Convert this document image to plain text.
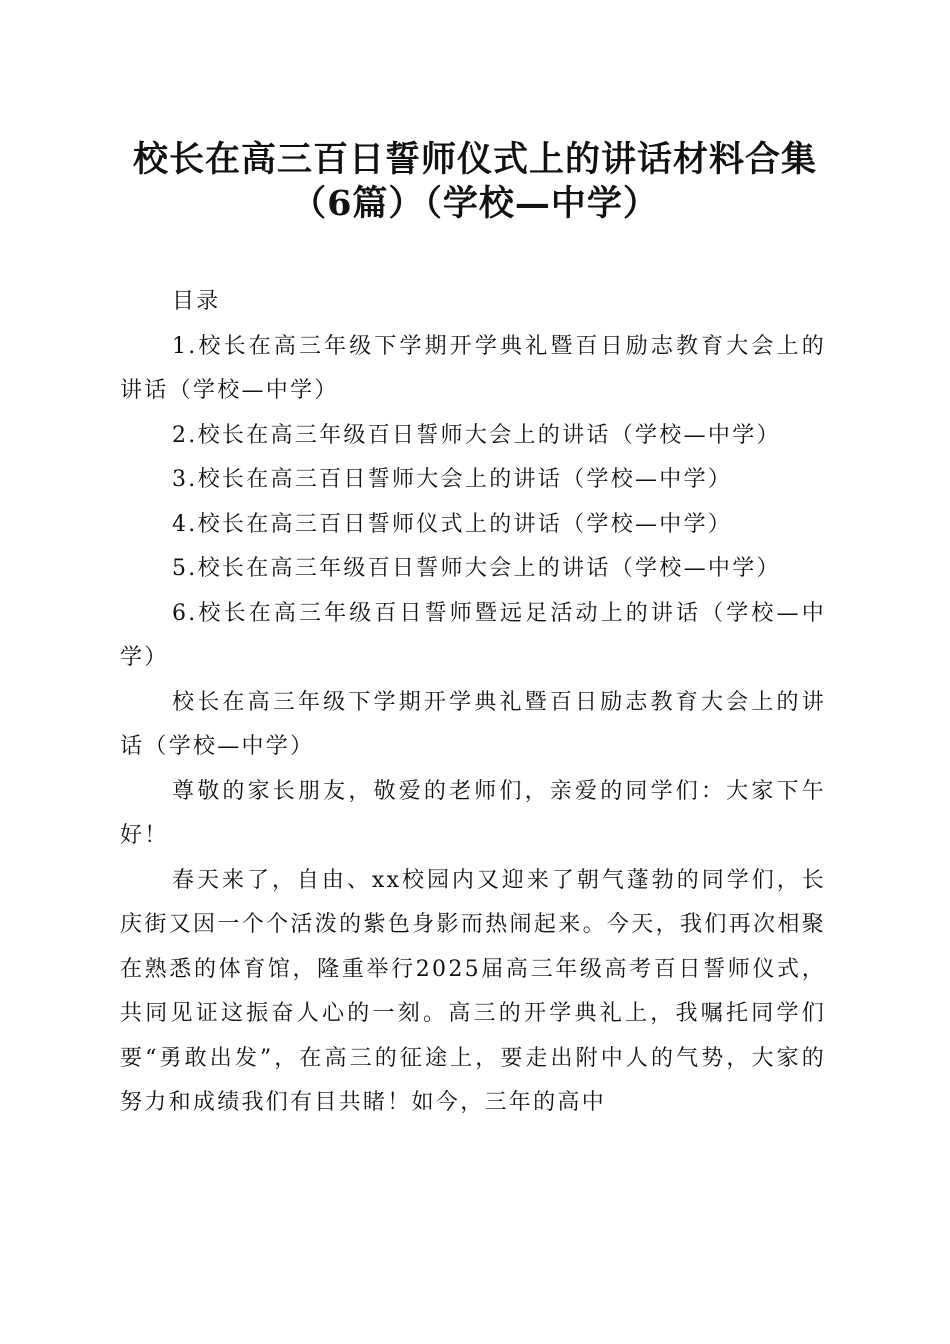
校长在高三百日誓师仪式上的讲话材料合集
（6篇）（学校—中学）

目录

1.校长在高三年级下学期开学典礼暨百日励志教育大会上的讲话（学校—中学）

2.校长在高三年级百日誓师大会上的讲话（学校—中学）

3.校长在高三百日誓师大会上的讲话（学校—中学）

4.校长在高三百日誓师仪式上的讲话（学校—中学）

5.校长在高三年级百日誓师大会上的讲话（学校—中学）

6.校长在高三年级百日誓师暨远足活动上的讲话（学校—中学）

校长在高三年级下学期开学典礼暨百日励志教育大会上的讲话（学校—中学）

尊敬的家长朋友，敬爱的老师们，亲爱的同学们：大家下午好！

春天来了，自由、xx校园内又迎来了朝气蓬勃的同学们，长庆街又因一个个活泼的紫色身影而热闹起来。今天，我们再次相聚在熟悉的体育馆，隆重举行2025届高三年级高考百日誓师仪式，共同见证这振奋人心的一刻。高三的开学典礼上，我嘱托同学们要“勇敢出发”，在高三的征途上，要走出附中人的气势，大家的努力和成绩我们有目共睹！如今，三年的高中
